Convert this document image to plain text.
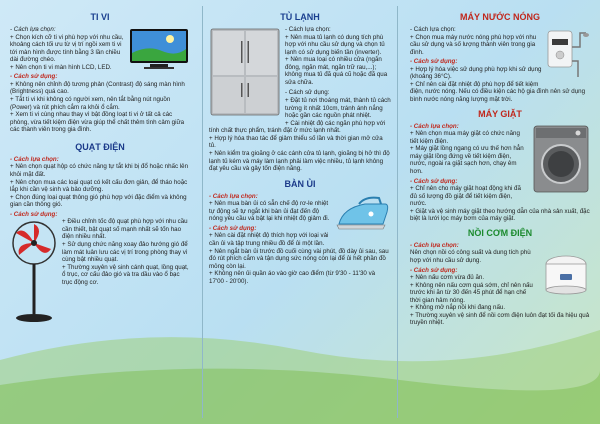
TI VI
- Cách lựa chọn:
+ Chọn kích cỡ ti vi phù hợp với nhu cầu, khoảng cách tối ưu từ vị trí ngồi xem ti vi tới màn hình được tính bằng 3 lần chiều dài đường chéo.
+ Nên chọn ti vi màn hình LCD, LED.
- Cách sử dụng:
+ Không nên chỉnh độ tương phản (Contrast) độ sáng màn hình (Brightness) quá cao.
+ Tắt ti vi khi không có người xem, nên tắt bằng nút nguồn (Power) và rút phích cắm ra khỏi ổ cắm.
+ Xem ti vi cùng nhau thay vì bật đồng loạt ti vi ở tất cả các phòng, vừa tiết kiệm điện vừa giúp thể chất thêm tình cảm giữa các thành viên trong gia đình.
QUẠT ĐIỆN
- Cách lựa chọn:
+ Nên chọn quạt hộp có chức năng tự tắt khi bị đổ hoặc nhấc lên khỏi mặt đất.
+ Nên chọn mua các loại quạt có kết cấu đơn giản, để tháo hoặc lắp khi cần vệ sinh và bảo dưỡng.
+ Chọn đúng loại quạt thông gió phù hợp với đặc điểm và không gian cần thông gió.
- Cách sử dụng:
+ Điều chỉnh tốc độ quạt phù hợp với nhu cầu cần thiết, bật quạt số mạnh nhất sẽ tốn hao điện nhiều nhất.
+ Sử dụng chức năng xoay đảo hướng gió để làm mát luân lưu các vị trí trong phòng thay vì cùng bật nhiều quạt.
+ Thường xuyên vệ sinh cánh quạt, lồng quạt, ổ trục, cơ cấu đảo gió và tra dầu vào ổ bạc trục động cơ.
TỦ LẠNH
- Cách lựa chọn:
+ Nên mua tủ lạnh có dung tích phù hợp với nhu cầu sử dụng và chọn tủ lạnh có sử dụng biến tần (inverter).
+ Nên mua loại có nhiều cửa (ngăn đông, ngăn mát, ngăn trữ rau,...); không mua tủ đã quá cũ hoặc đã qua sửa chữa.
- Cách sử dụng:
+ Đặt tủ nơi thoáng mát, thành tủ cách tường ít nhất 10cm, tránh ánh nắng hoặc gần các nguồn phát nhiệt.
+ Cài nhiệt độ các ngăn phù hợp với tính chất thực phẩm, tránh đặt ở mức lạnh nhất.
+ Hợp lý hóa thao tác để giảm thiểu số lần và thời gian mở cửa tủ.
+ Nên kiểm tra gioăng ở các cánh cửa tủ lạnh, gioăng bị hở thì độ lạnh tủ kém và máy làm lạnh phải làm việc nhiều, tủ lạnh không đạt yêu cầu và gây tốn điện năng.
BÀN ỦI
- Cách lựa chọn:
+ Nên mua bàn ủi có sẵn chế độ rơ-le nhiệt tự động sẽ tự ngắt khi bàn ủi đạt đến độ nóng yêu cầu và bật lại khi nhiệt độ giảm đi.
- Cách sử dụng:
+ Nên cài đặt nhiệt độ thích hợp với loại vải cần ủi và tập trung nhiều đồ để ủi một lần.
+ Nên ngắt bàn ủi trước đồ cuối cùng vài phút, đồ dày ủi sau, sau đó rút phích cắm và tận dụng sức nóng còn lại để ủi hết phần đồ mỏng còn lại.
+ Không nên ủi quần áo vào giờ cao điểm (từ 9'30 - 11'30 và 17'00 - 20'00).
MÁY NƯỚC NÓNG
- Cách lựa chọn:
+ Chọn mua máy nước nóng phù hợp với nhu cầu sử dụng và số lượng thành viên trong gia đình.
- Cách sử dụng:
+ Hợp lý hóa việc sử dụng phù hợp khi sử dụng (khoảng 36°C).
+ Chỉ nên cài đặt nhiệt độ phù hợp để tiết kiệm điện, nước nóng. Nếu có điều kiện các hộ gia đình nên sử dụng bình nước nóng năng lượng mặt trời.
MÁY GIẶT
- Cách lựa chọn:
+ Nên chọn mua máy giặt có chức năng tiết kiệm điện.
+ Máy giặt lồng ngang có ưu thế hơn hẳn máy giặt lồng đứng về tiết kiệm điện, nước, ngoài ra giặt sạch hơn, chạy êm hơn.
- Cách sử dụng:
+ Chỉ nên cho máy giặt hoạt động khi đã đủ số lượng đồ giặt để tiết kiệm điện, nước.
+ Giặt và vệ sinh máy giặt theo hướng dẫn của nhà sản xuất, đặc biệt là lưới lọc máy bơm của máy giặt.
NỒI CƠM ĐIỆN
- Cách lựa chọn:
Nên chọn nồi có công suất và dung tích phù hợp với nhu cầu sử dụng.
- Cách sử dụng:
+ Nên nấu cơm vừa đủ ăn.
+ Không nên nấu cơm quá sớm, chỉ nên nấu trước khi ăn từ 30 đến 45 phút để hạn chế thời gian hâm nóng.
+ Không mở nắp nồi khi đang nấu.
+ Thường xuyên vệ sinh để nồi cơm điện luôn đạt tối đa hiệu quả truyền nhiệt.
